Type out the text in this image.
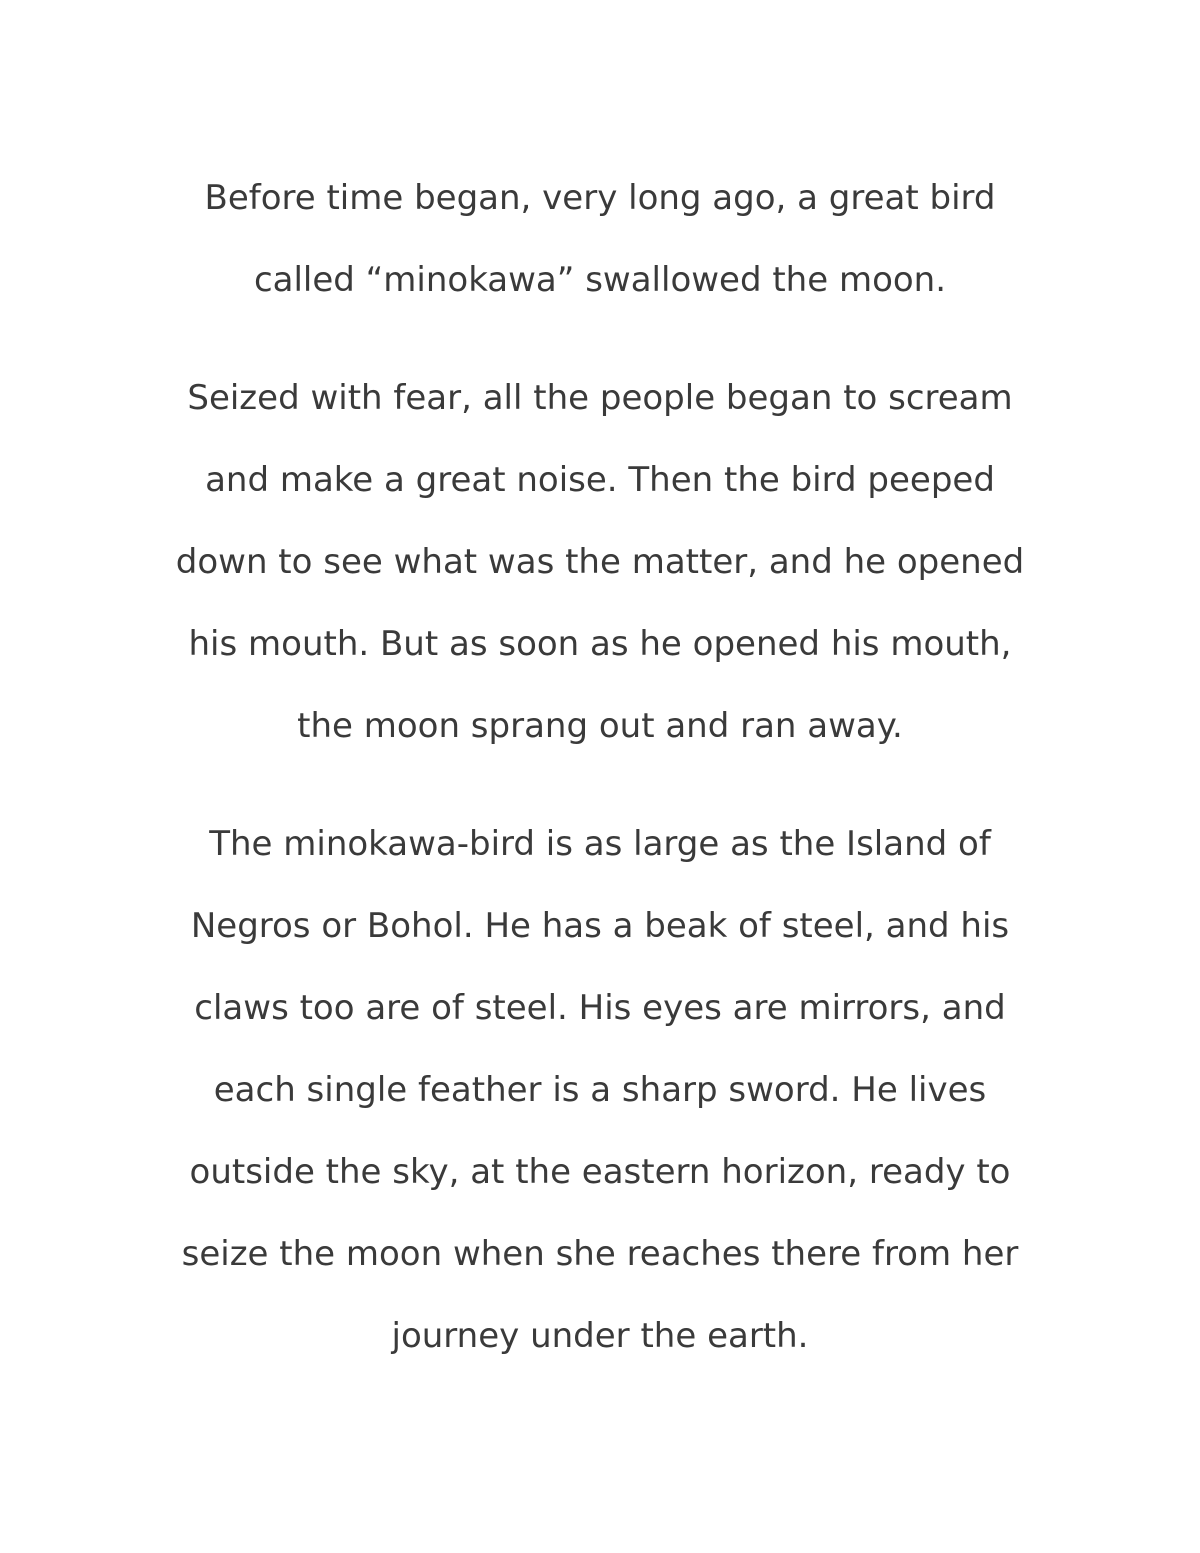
Before time began, very long ago, a great bird
called “minokawa” swallowed the moon.

Seized with fear, all the people began to scream
and make a great noise. Then the bird peeped
down to see what was the matter, and he opened
his mouth. But as soon as he opened his mouth,
the moon sprang out and ran away.

The minokawa-bird is as large as the Island of
Negros or Bohol. He has a beak of steel, and his
claws too are of steel. His eyes are mirrors, and
each single feather is a sharp sword. He lives
outside the sky, at the eastern horizon, ready to
seize the moon when she reaches there from her
journey under the earth.
